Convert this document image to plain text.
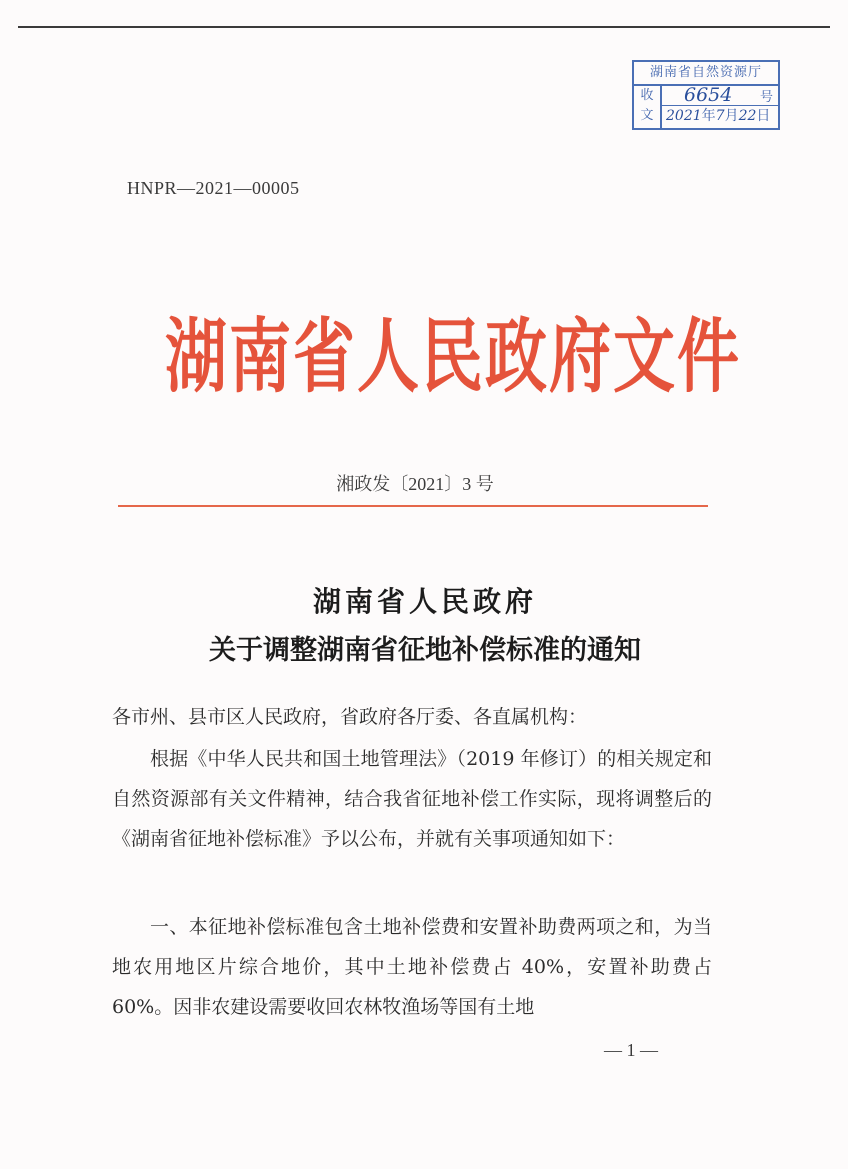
湖南省自然资源厅
收
文
6654 号
2021年7月22日
HNPR—2021—00005
湖南省人民政府文件
湘政发〔2021〕3 号
湖南省人民政府
关于调整湖南省征地补偿标准的通知
各市州、县市区人民政府，省政府各厅委、各直属机构：
根据《中华人民共和国土地管理法》（2019 年修订）的相关规定和自然资源部有关文件精神，结合我省征地补偿工作实际，现将调整后的《湖南省征地补偿标准》予以公布，并就有关事项通知如下：
一、本征地补偿标准包含土地补偿费和安置补助费两项之和，为当地农用地区片综合地价，其中土地补偿费占 40%，安置补助费占 60%。因非农建设需要收回农林牧渔场等国有土地
— 1 —
